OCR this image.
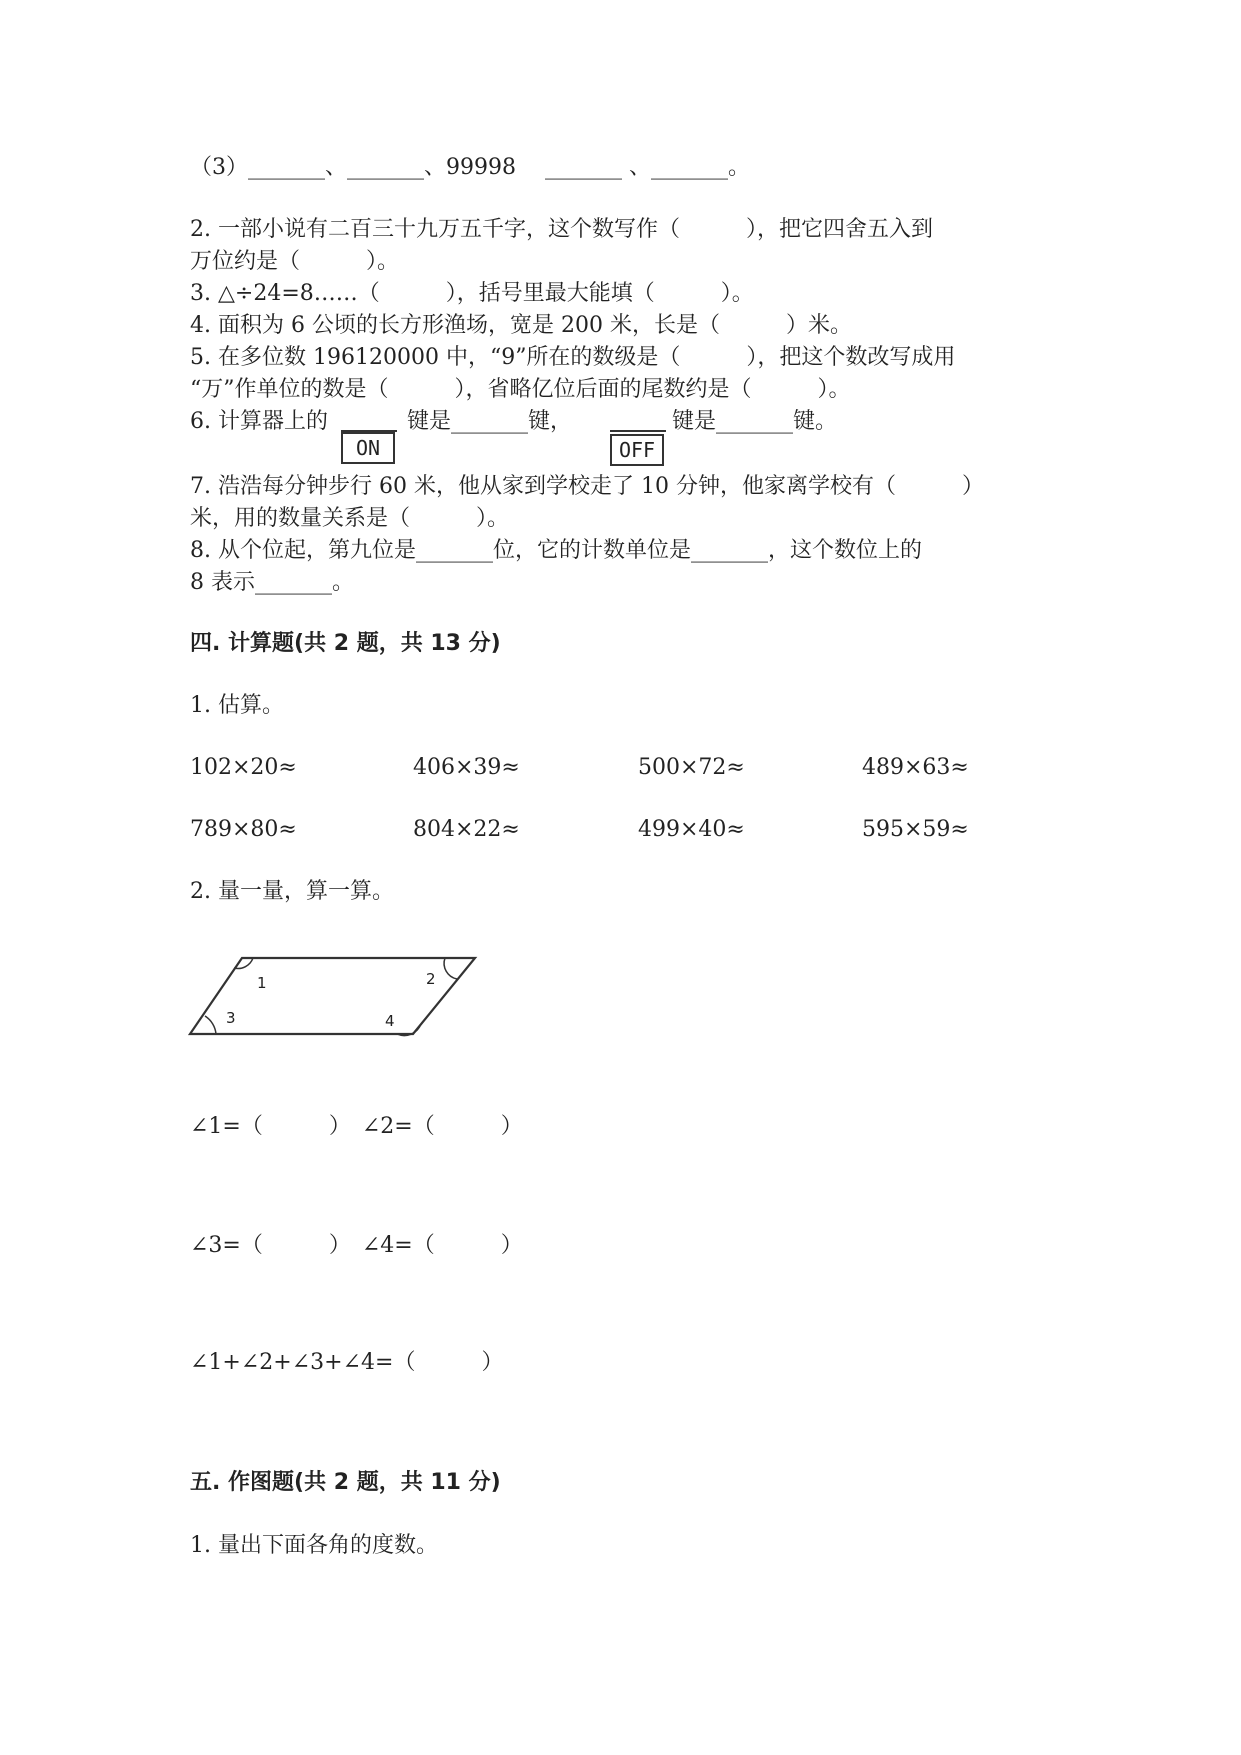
（3）_______、_______、99998　 _______ 、_______。
2. 一部小说有二百三十九万五千字，这个数写作（　　　），把它四舍五入到
万位约是（　　　）。
3. △÷24=8……（　　　），括号里最大能填（　　　）。
4. 面积为 6 公顷的长方形渔场，宽是 200 米，长是（　　　）米。
5. 在多位数 196120000 中，“9”所在的数级是（　　　），把这个数改写成用
“万”作单位的数是（　　　），省略亿位后面的尾数约是（　　　）。
6. 计算器上的
ON
键是_______键，
OFF
键是_______键。
7. 浩浩每分钟步行 60 米，他从家到学校走了 10 分钟，他家离学校有（　　　）
米，用的数量关系是（　　　）。
8. 从个位起，第九位是_______位，它的计数单位是_______，这个数位上的
8 表示_______。
四. 计算题(共 2 题，共 13 分)
1. 估算。
102×20≈	406×39≈	500×72≈	489×63≈
789×80≈	804×22≈	499×40≈	595×59≈
2. 量一量，算一算。
1	2
3	4
∠1=（　　　）　∠2=（　　　）
∠3=（　　　）　∠4=（　　　）
∠1+∠2+∠3+∠4=（　　　）
五. 作图题(共 2 题，共 11 分)
1. 量出下面各角的度数。
